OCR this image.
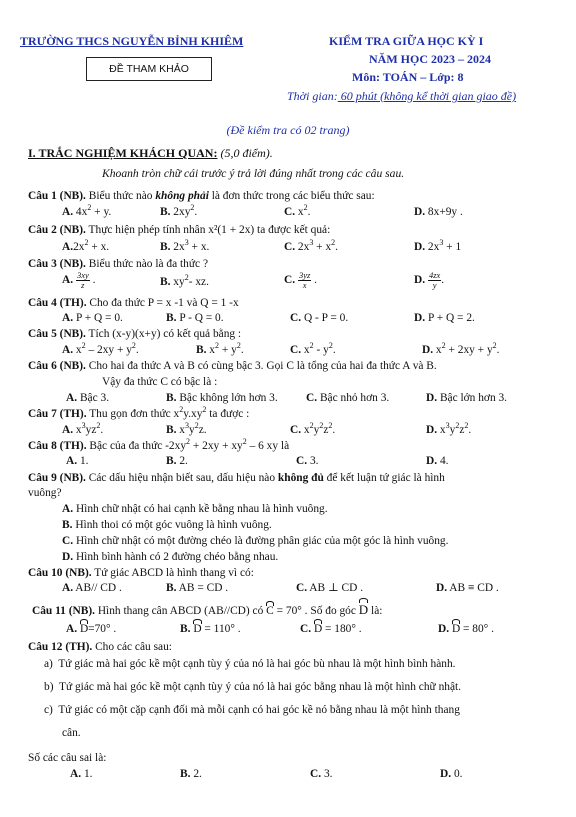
TRƯỜNG THCS NGUYỄN BỈNH KHIÊM	KIỂM TRA GIỮA HỌC KỲ I
NĂM HỌC 2023 – 2024
Môn: TOÁN – Lớp: 8
ĐỀ THAM KHẢO
Thời gian: 60 phút (không kể thời gian giao đề)
(Đề kiểm tra có 02 trang)
I. TRẮC NGHIỆM KHÁCH QUAN: (5,0 điểm).
Khoanh tròn chữ cái trước ý trả lời đúng nhất trong các câu sau.
Câu 1 (NB). Biểu thức nào không phải là đơn thức trong các biểu thức sau:
A. $4x^2 + y$.	B. $2xy^2$.	C. $x^2$.	D. 8x+9y .
Câu 2 (NB). Thực hiện phép tính nhân x²(1 + 2x) ta được kết quả:
$A.2x^2 + x$.	B. $2x^3 + x$.	C. $2x^3 + x^2$.	D. $2x^3 + 1$
Câu 3 (NB). Biểu thức nào là đa thức ?
A. $\frac{3xy}{z}$ .	B. $xy^2-$ xz.	C. $\frac{3yz}{x}$ .	D. $\frac{4zx}{y}$ .
Câu 4 (TH). Cho đa thức P = x -1 và Q = 1 -x
A. P + Q = 0.	B. P - Q = 0.	C. Q - P = 0.	D. P + Q = 2.
Câu 5 (NB). Tích (x-y)(x+y) có kết quả bằng :
A. $x^2 - 2xy + y^2$.	B. $x^2 + y^2$.	C. $x^2 - y^2$.	D. $x^2 + 2xy + y^2$.
Câu 6 (NB). Cho hai đa thức A và B có cùng bậc 3. Gọi C là tổng của hai đa thức A và B.
Vậy đa thức C có bậc là :
A. Bậc 3.	B. Bậc không lớn hơn 3. C. Bậc nhỏ hơn 3.	D. Bậc lớn hơn 3.
Câu 7 (TH). Thu gọn đơn thức $x^2y.xy^2$ ta được :
A. $x^3yz^2$.	B. $x^3y^2z$.	C. $x^2y^2z^2$.	D. $x^3y^2z^2$.
Câu 8 (TH). Bậc của đa thức $-2xy^2 + 2xy + xy^2 - 6$ xy là
A. 1.	B. 2.	C. 3.	D. 4.
Câu 9 (NB). Các dấu hiệu nhận biết sau, dấu hiệu nào không đủ để kết luận tứ giác là hình
vuông?
A. Hình chữ nhật có hai cạnh kề bằng nhau là hình vuông.
B. Hình thoi có một góc vuông là hình vuông.
C. Hình chữ nhật có một đường chéo là đường phân giác của một góc là hình vuông.
D. Hình bình hành có 2 đường chéo bằng nhau.
Câu 10 (NB). Tứ giác ABCD là hình thang vì có:
A. AB// CD .	B. AB = CD .	C. AB ⊥ CD .	D. AB ≡ CD .
Câu 11 (NB). Hình thang cân ABCD (AB//CD) có C = 70° . Số đo góc D là:
A. D=70° .	B. D = 110° .	C. D = 180° .	D. D = 80° .
Câu 12 (TH). Cho các câu sau:
a)  Tứ giác mà hai góc kề một cạnh tùy ý của nó là hai góc bù nhau là một hình bình hành.
b)  Tứ giác mà hai góc kề một cạnh tùy ý của nó là hai góc bằng nhau là một hình chữ nhật.
c)  Tứ giác có một cặp cạnh đối mà mỗi cạnh có hai góc kề nó bằng nhau là một hình thang
cân.
Số các câu sai là:
A. 1.	B. 2.	C. 3.	D. 0.
